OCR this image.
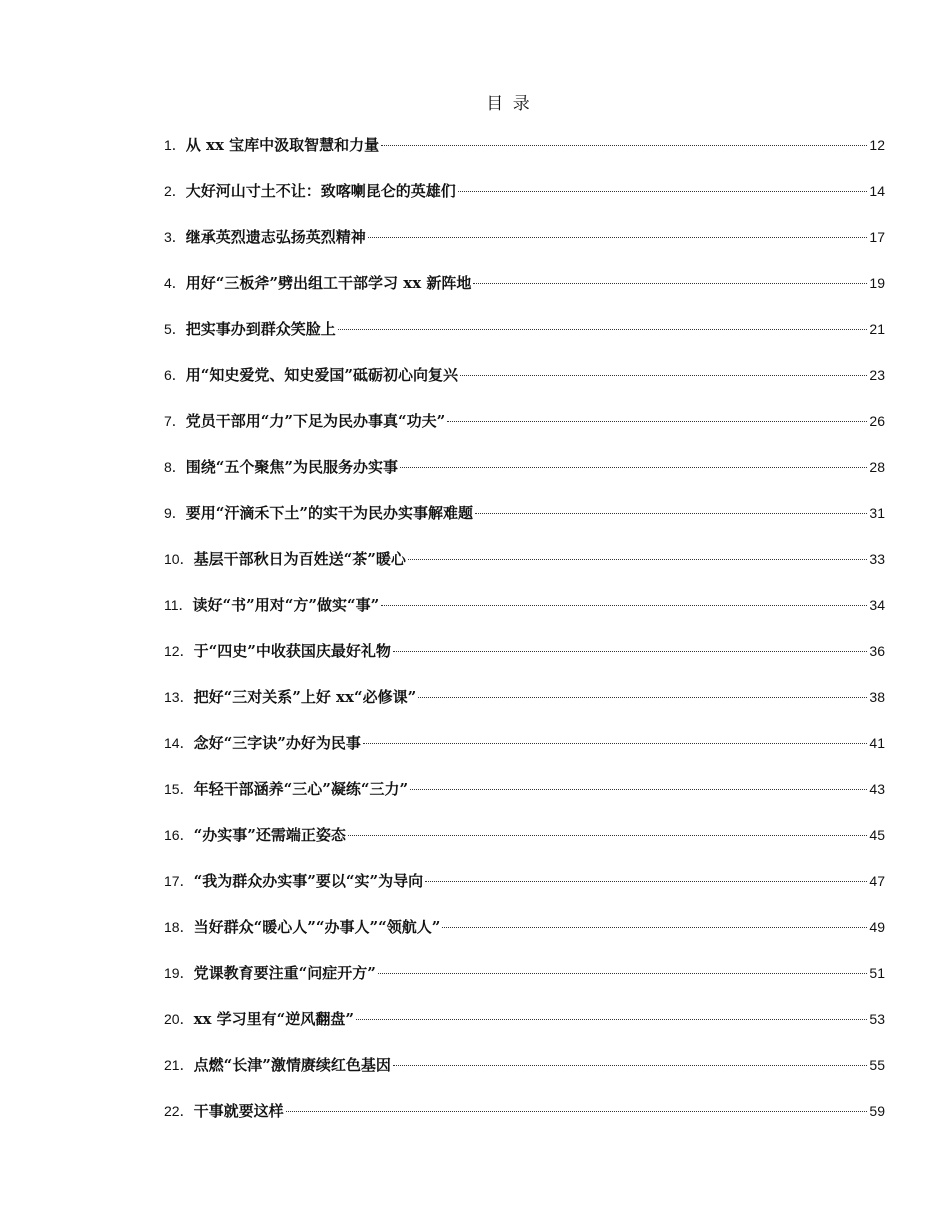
目 录
1． 从 xx 宝库中汲取智慧和力量	12
2． 大好河山寸土不让：致喀喇昆仑的英雄们	14
3． 继承英烈遗志弘扬英烈精神	17
4． 用好“三板斧”劈出组工干部学习 xx 新阵地	19
5． 把实事办到群众笑脸上	21
6． 用“知史爱党、知史爱国”砥砺初心向复兴	23
7． 党员干部用“力”下足为民办事真“功夫”	26
8． 围绕“五个聚焦”为民服务办实事	28
9． 要用“汗滴禾下土”的实干为民办实事解难题	31
10． 基层干部秋日为百姓送“茶”暖心	33
11． 读好“书”用对“方”做实“事”	34
12． 于“四史”中收获国庆最好礼物	36
13． 把好“三对关系”上好 xx“必修课”	38
14． 念好“三字诀”办好为民事	41
15． 年轻干部涵养“三心”凝练“三力”	43
16． “办实事”还需端正姿态	45
17． “我为群众办实事”要以“实”为导向	47
18． 当好群众“暖心人”“办事人”“领航人”	49
19． 党课教育要注重“问症开方”	51
20． xx 学习里有“逆风翻盘”	53
21． 点燃“长津”激情赓续红色基因	55
22． 干事就要这样	59
